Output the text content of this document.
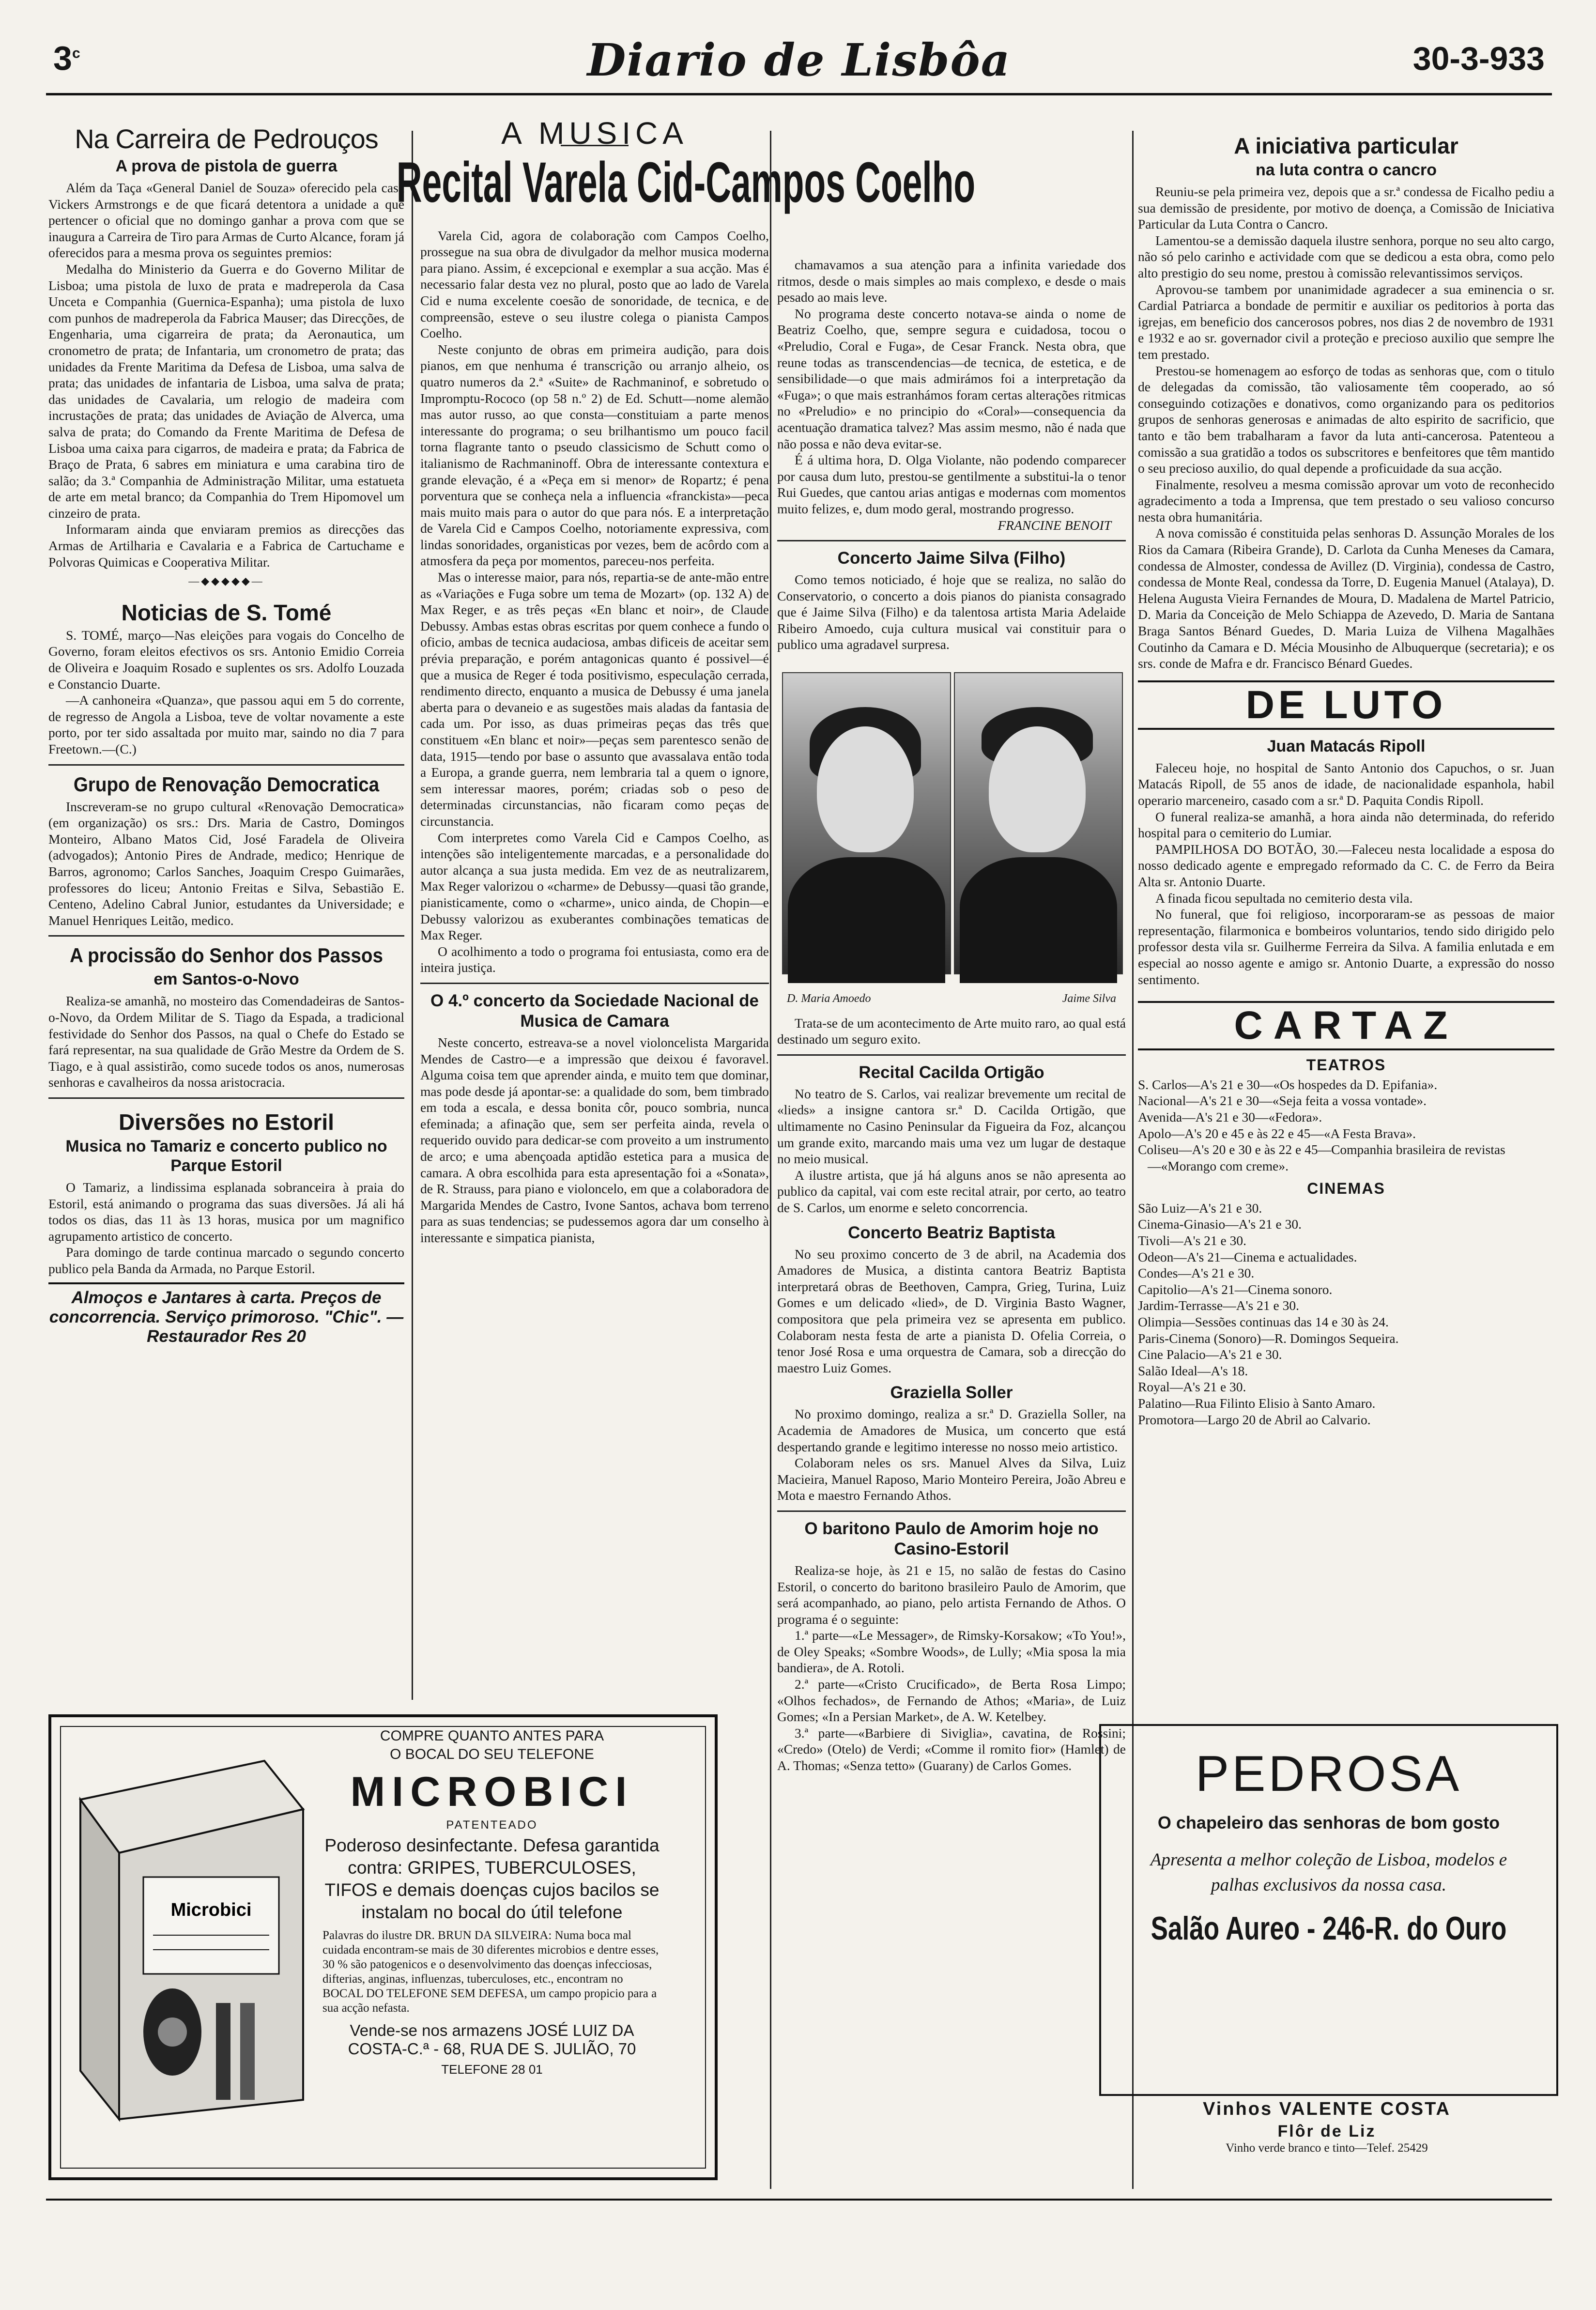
3$^c$	Diario de Lisbôa	30-3-933
Na Carreira de Pedrouços
A prova de pistola de guerra

Além da Taça «General Daniel de Souza» oferecido pela casa Vickers Armstrongs e de que ficará detentora a unidade a que pertencer o oficial que no domingo ganhar a prova com que se inaugura a Carreira de Tiro para Armas de Curto Alcance, foram já oferecidos para a mesma prova os seguintes premios:

Medalha do Ministerio da Guerra e do Governo Militar de Lisboa; uma pistola de luxo de prata e madreperola da Casa Unceta e Companhia (Guernica-Espanha); uma pistola de luxo com punhos de madreperola da Fabrica Mauser; das Direcções, de Engenharia, uma cigarreira de prata; da Aeronautica, um cronometro de prata; de Infantaria, um cronometro de prata; das unidades da Frente Maritima da Defesa de Lisboa, uma salva de prata; das unidades de infantaria de Lisboa, uma salva de prata; das unidades de Cavalaria, um relogio de madeira com incrustações de prata; das unidades de Aviação de Alverca, uma salva de prata; do Comando da Frente Maritima de Defesa de Lisboa uma caixa para cigarros, de madeira e prata; da Fabrica de Braço de Prata, 6 sabres em miniatura e uma carabina tiro de salão; da 3.ª Companhia de Administração Militar, uma estatueta de arte em metal branco; da Companhia do Trem Hipomovel um cinzeiro de prata.

Informaram ainda que enviaram premios as direcções das Armas de Artilharia e Cavalaria e a Fabrica de Cartuchame e Polvoras Quimicas e Cooperativa Militar.

—◆◆◆◆◆—
Noticias de S. Tomé

S. TOMÉ, março—Nas eleições para vogais do Concelho de Governo, foram eleitos efectivos os srs. Antonio Emidio Correia de Oliveira e Joaquim Rosado e suplentes os srs. Adolfo Louzada e Constancio Duarte.

—A canhoneira «Quanza», que passou aqui em 5 do corrente, de regresso de Angola a Lisboa, teve de voltar novamente a este porto, por ter sido assaltada por muito mar, saindo no dia 7 para Freetown.—(C.)

Grupo de Renovação Democratica

Inscreveram-se no grupo cultural «Renovação Democratica» (em organização) os srs.: Drs. Maria de Castro, Domingos Monteiro, Albano Matos Cid, José Faradela de Oliveira (advogados); Antonio Pires de Andrade, medico; Henrique de Barros, agronomo; Carlos Sanches, Joaquim Crespo Guimarães, professores do liceu; Antonio Freitas e Silva, Sebastião E. Centeno, Adelino Cabral Junior, estudantes da Universidade; e Manuel Henriques Leitão, medico.

A procissão do Senhor dos Passos
em Santos-o-Novo

Realiza-se amanhã, no mosteiro das Comendadeiras de Santos-o-Novo, da Ordem Militar de S. Tiago da Espada, a tradicional festividade do Senhor dos Passos, na qual o Chefe do Estado se fará representar, na sua qualidade de Grão Mestre da Ordem de S. Tiago, e à qual assistirão, como sucede todos os anos, numerosas senhoras e cavalheiros da nossa aristocracia.

Diversões no Estoril
Musica no Tamariz e concerto publico no Parque Estoril

O Tamariz, a lindissima esplanada sobranceira à praia do Estoril, está animando o programa das suas diversões. Já ali há todos os dias, das 11 às 13 horas, musica por um magnifico agrupamento artistico de concerto.

Para domingo de tarde continua marcado o segundo concerto publico pela Banda da Armada, no Parque Estoril.

Almoços e Jantares à carta. Preços de concorrencia. Serviço primoroso. "Chic". — Restaurador Res 20
A MUSICA
Recital Varela Cid-Campos Coelho

Varela Cid, agora de colaboração com Campos Coelho, prossegue na sua obra de divulgador da melhor musica moderna para piano. Assim, é excepcional e exemplar a sua acção. Mas é necessario falar desta vez no plural, posto que ao lado de Varela Cid e numa excelente coesão de sonoridade, de tecnica, e de compreensão, esteve o seu ilustre colega o pianista Campos Coelho.

Neste conjunto de obras em primeira audição, para dois pianos, em que nenhuma é transcrição ou arranjo alheio, os quatro numeros da 2.ª «Suite» de Rachmaninof, e sobretudo o Impromptu-Rococo (op 58 n.º 2) de Ed. Schutt—nome alemão mas autor russo, ao que consta—constituiam a parte menos interessante do programa; o seu brilhantismo um pouco facil torna flagrante tanto o pseudo classicismo de Schutt como o italianismo de Rachmaninoff. Obra de interessante contextura e grande elevação, é a «Peça em si menor» de Ropartz; é pena porventura que se conheça nela a influencia «franckista»—peca mais muito mais para o autor do que para nós. E a interpretação de Varela Cid e Campos Coelho, notoriamente expressiva, com lindas sonoridades, organisticas por vezes, bem de acôrdo com a atmosfera da peça por momentos, pareceu-nos perfeita.

Mas o interesse maior, para nós, repartia-se de ante-mão entre as «Variações e Fuga sobre um tema de Mozart» (op. 132 A) de Max Reger, e as três peças «En blanc et noir», de Claude Debussy. Ambas estas obras escritas por quem conhece a fundo o oficio, ambas de tecnica audaciosa, ambas dificeis de aceitar sem prévia preparação, e porém antagonicas quanto é possivel—é que a musica de Reger é toda positivismo, especulação cerrada, rendimento directo, enquanto a musica de Debussy é uma janela aberta para o devaneio e as sugestões mais aladas da fantasia de cada um. Por isso, as duas primeiras peças das três que constituem «En blanc et noir»—peças sem parentesco senão de data, 1915—tendo por base o assunto que avassalava então toda a Europa, a grande guerra, nem lembraria tal a quem o ignore, sem interessar maores, porém; criadas sob o peso de determinadas circunstancias, não ficaram como peças de circunstancia.

Com interpretes como Varela Cid e Campos Coelho, as intenções são inteligentemente marcadas, e a personalidade do autor alcança a sua justa medida. Em vez de as neutralizarem, Max Reger valorizou o «charme» de Debussy—quasi tão grande, pianisticamente, como o «charme», unico ainda, de Chopin—e Debussy valorizou as exuberantes combinações tematicas de Max Reger.

O acolhimento a todo o programa foi entusiasta, como era de inteira justiça.

O 4.º concerto da Sociedade Nacional de Musica de Camara

Neste concerto, estreava-se a novel violoncelista Margarida Mendes de Castro—e a impressão que deixou é favoravel. Alguma coisa tem que aprender ainda, e muito tem que dominar, mas pode desde já apontar-se: a qualidade do som, bem timbrado em toda a escala, e dessa bonita côr, pouco sombria, nunca efeminada; a afinação que, sem ser perfeita ainda, revela o requerido ouvido para dedicar-se com proveito a um instrumento de arco; e uma abençoada aptidão estetica para a musica de camara. A obra escolhida para esta apresentação foi a «Sonata», de R. Strauss, para piano e violoncelo, em que a colaboradora de Margarida Mendes de Castro, Ivone Santos, achava bom terreno para as suas tendencias; se pudessemos agora dar um conselho à interessante e simpatica pianista,

chamavamos a sua atenção para a infinita variedade dos ritmos, desde o mais simples ao mais complexo, e desde o mais pesado ao mais leve.

No programa deste concerto notava-se ainda o nome de Beatriz Coelho, que, sempre segura e cuidadosa, tocou o «Preludio, Coral e Fuga», de Cesar Franck. Nesta obra, que reune todas as transcendencias—de tecnica, de estetica, e de sensibilidade—o que mais admirámos foi a interpretação da «Fuga»; o que mais estranhámos foram certas alterações ritmicas no «Preludio» e no principio do «Coral»—consequencia da acentuação dramatica talvez? Mas assim mesmo, não é nada que não possa e não deva evitar-se.

É á ultima hora, D. Olga Violante, não podendo comparecer por causa dum luto, prestou-se gentilmente a substitui-la o tenor Rui Guedes, que cantou arias antigas e modernas com momentos muito felizes, e, dum modo geral, mostrando progresso.

FRANCINE BENOIT
Concerto Jaime Silva (Filho)

Como temos noticiado, é hoje que se realiza, no salão do Conservatorio, o concerto a dois pianos do pianista consagrado que é Jaime Silva (Filho) e da talentosa artista Maria Adelaide Ribeiro Amoedo, cuja cultura musical vai constituir para o publico uma agradavel surpresa.

D. Maria Amoedo	Jaime Silva

Trata-se de um acontecimento de Arte muito raro, ao qual está destinado um seguro exito.

Recital Cacilda Ortigão

No teatro de S. Carlos, vai realizar brevemente um recital de «lieds» a insigne cantora sr.ª D. Cacilda Ortigão, que ultimamente no Casino Peninsular da Figueira da Foz, alcançou um grande exito, marcando mais uma vez um lugar de destaque no meio musical.

A ilustre artista, que já há alguns anos se não apresenta ao publico da capital, vai com este recital atrair, por certo, ao teatro de S. Carlos, um enorme e seleto concorrencia.

Concerto Beatriz Baptista

No seu proximo concerto de 3 de abril, na Academia dos Amadores de Musica, a distinta cantora Beatriz Baptista interpretará obras de Beethoven, Campra, Grieg, Turina, Luiz Gomes e um delicado «lied», de D. Virginia Basto Wagner, compositora que pela primeira vez se apresenta em publico. Colaboram nesta festa de arte a pianista D. Ofelia Correia, o tenor José Rosa e uma orquestra de Camara, sob a direcção do maestro Luiz Gomes.

Graziella Soller

No proximo domingo, realiza a sr.ª D. Graziella Soller, na Academia de Amadores de Musica, um concerto que está despertando grande e legitimo interesse no nosso meio artistico.

Colaboram neles os srs. Manuel Alves da Silva, Luiz Macieira, Manuel Raposo, Mario Monteiro Pereira, João Abreu e Mota e maestro Fernando Athos.

O baritono Paulo de Amorim hoje no Casino-Estoril

Realiza-se hoje, às 21 e 15, no salão de festas do Casino Estoril, o concerto do baritono brasileiro Paulo de Amorim, que será acompanhado, ao piano, pelo artista Fernando de Athos. O programa é o seguinte:

1.ª parte—«Le Messager», de Rimsky-Korsakow; «To You!», de Oley Speaks; «Sombre Woods», de Lully; «Mia sposa la mia bandiera», de A. Rotoli.

2.ª parte—«Cristo Crucificado», de Berta Rosa Limpo; «Olhos fechados», de Fernando de Athos; «Maria», de Luiz Gomes; «In a Persian Market», de A. W. Ketelbey.

3.ª parte—«Barbiere di Siviglia», cavatina, de Rossini; «Credo» (Otelo) de Verdi; «Comme il romito fior» (Hamlet) de A. Thomas; «Senza tetto» (Guarany) de Carlos Gomes.

A iniciativa particular
na luta contra o cancro

Reuniu-se pela primeira vez, depois que a sr.ª condessa de Ficalho pediu a sua demissão de presidente, por motivo de doença, a Comissão de Iniciativa Particular da Luta Contra o Cancro.

Lamentou-se a demissão daquela ilustre senhora, porque no seu alto cargo, não só pelo carinho e actividade com que se dedicou a esta obra, como pelo alto prestigio do seu nome, prestou à comissão relevantissimos serviços.

Aprovou-se tambem por unanimidade agradecer a sua eminencia o sr. Cardial Patriarca a bondade de permitir e auxiliar os peditorios à porta das igrejas, em beneficio dos cancerosos pobres, nos dias 2 de novembro de 1931 e 1932 e ao sr. governador civil a proteção e precioso auxilio que sempre lhe tem prestado.

Prestou-se homenagem ao esforço de todas as senhoras que, com o titulo de delegadas da comissão, tão valiosamente têm cooperado, ao só conseguindo cotizações e donativos, como organizando para os peditorios grupos de senhoras generosas e animadas de alto espirito de sacrificio, que tanto e tão bem trabalharam a favor da luta anti-cancerosa. Patenteou a comissão a sua gratidão a todos os subscritores e benfeitores que têm mantido o seu precioso auxilio, do qual depende a proficuidade da sua acção.

Finalmente, resolveu a mesma comissão aprovar um voto de reconhecido agradecimento a toda a Imprensa, que tem prestado o seu valioso concurso nesta obra humanitária.

A nova comissão é constituida pelas senhoras D. Assunção Morales de los Rios da Camara (Ribeira Grande), D. Carlota da Cunha Meneses da Camara, condessa de Almoster, condessa de Avillez (D. Virginia), condessa de Castro, condessa de Monte Real, condessa da Torre, D. Eugenia Manuel (Atalaya), D. Helena Augusta Vieira Fernandes de Moura, D. Madalena de Martel Patricio, D. Maria da Conceição de Melo Schiappa de Azevedo, D. Maria de Santana Braga Santos Bénard Guedes, D. Maria Luiza de Vilhena Magalhães Coutinho da Camara e D. Mécia Mousinho de Albuquerque (secretaria); e os srs. conde de Mafra e dr. Francisco Bénard Guedes.

DE LUTO
Juan Matacás Ripoll

Faleceu hoje, no hospital de Santo Antonio dos Capuchos, o sr. Juan Matacás Ripoll, de 55 anos de idade, de nacionalidade espanhola, habil operario marceneiro, casado com a sr.ª D. Paquita Condis Ripoll.

O funeral realiza-se amanhã, a hora ainda não determinada, do referido hospital para o cemiterio do Lumiar.

PAMPILHOSA DO BOTÃO, 30.—Faleceu nesta localidade a esposa do nosso dedicado agente e empregado reformado da C. C. de Ferro da Beira Alta sr. Antonio Duarte.

A finada ficou sepultada no cemiterio desta vila.

No funeral, que foi religioso, incorporaram-se as pessoas de maior representação, filarmonica e bombeiros voluntarios, tendo sido dirigido pelo professor desta vila sr. Guilherme Ferreira da Silva. A familia enlutada e em especial ao nosso agente e amigo sr. Antonio Duarte, a expressão do nosso sentimento.

CARTAZ
TEATROS

S. Carlos—A's 21 e 30—«Os hospedes da D. Epifania».

Nacional—A's 21 e 30—«Seja feita a vossa vontade».

Avenida—A's 21 e 30—«Fedora».

Apolo—A's 20 e 45 e às 22 e 45—«A Festa Brava».

Coliseu—A's 20 e 30 e às 22 e 45—Companhia brasileira de revistas—«Morango com creme».

CINEMAS

São Luiz—A's 21 e 30.

Cinema-Ginasio—A's 21 e 30.

Tivoli—A's 21 e 30.

Odeon—A's 21—Cinema e actualidades.

Condes—A's 21 e 30.

Capitolio—A's 21—Cinema sonoro.

Jardim-Terrasse—A's 21 e 30.

Olimpia—Sessões continuas das 14 e 30 às 24.

Paris-Cinema (Sonoro)—R. Domingos Sequeira.

Cine Palacio—A's 21 e 30.

Salão Ideal—A's 18.

Royal—A's 21 e 30.

Palatino—Rua Filinto Elisio à Santo Amaro.

Promotora—Largo 20 de Abril ao Calvario.

Microbici
COMPRE QUANTO ANTES PARA
O BOCAL DO SEU TELEFONE
MICROBICI
PATENTEADO
Poderoso desinfectante. Defesa garantida contra: GRIPES, TUBERCULOSES, TIFOS e demais doenças cujos bacilos se instalam no bocal do útil telefone
Palavras do ilustre DR. BRUN DA SILVEIRA: Numa boca mal cuidada encontram-se mais de 30 diferentes microbios e dentre esses, 30 % são patogenicos e o desenvolvimento das doenças infecciosas, difterias, anginas, influenzas, tuberculoses, etc., encontram no BOCAL DO TELEFONE SEM DEFESA, um campo propicio para a sua acção nefasta.
Vende-se nos armazens JOSÉ LUIZ DA COSTA-C.ª - 68, RUA DE S. JULIÃO, 70
TELEFONE 28 01
PEDROSA
O chapeleiro das senhoras de bom gosto
Apresenta a melhor coleção de Lisboa, modelos e palhas exclusivos da nossa casa.
Salão Aureo - 246-R. do Ouro
Vinhos VALENTE COSTA
Flôr de Liz
Vinho verde branco e tinto—Telef. 25429
